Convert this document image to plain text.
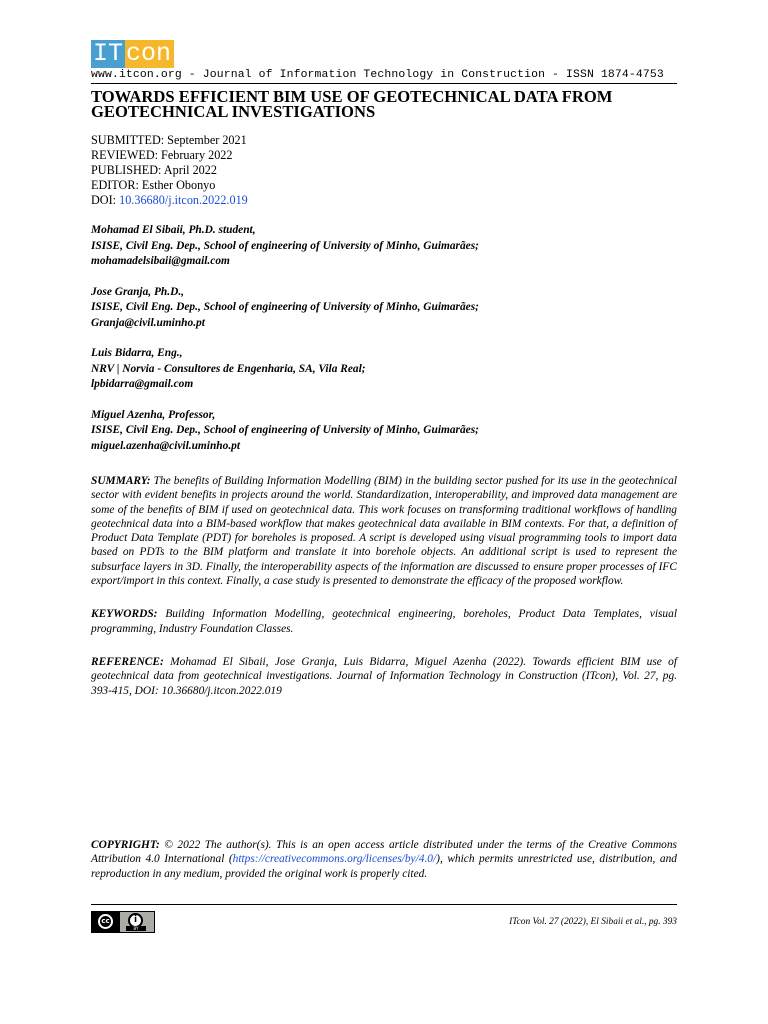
IT con
www.itcon.org - Journal of Information Technology in Construction - ISSN 1874-4753
TOWARDS EFFICIENT BIM USE OF GEOTECHNICAL DATA FROM GEOTECHNICAL INVESTIGATIONS
SUBMITTED: September 2021
REVIEWED: February 2022
PUBLISHED: April 2022
EDITOR: Esther Obonyo
DOI: 10.36680/j.itcon.2022.019
Mohamad El Sibaii, Ph.D. student,
ISISE, Civil Eng. Dep., School of engineering of University of Minho, Guimarães;
mohamadelsibaii@gmail.com
Jose Granja, Ph.D.,
ISISE, Civil Eng. Dep., School of engineering of University of Minho, Guimarães;
Granja@civil.uminho.pt
Luis Bidarra, Eng.,
NRV | Norvia - Consultores de Engenharia, SA, Vila Real;
lpbidarra@gmail.com
Miguel Azenha, Professor,
ISISE, Civil Eng. Dep., School of engineering of University of Minho, Guimarães;
miguel.azenha@civil.uminho.pt
SUMMARY: The benefits of Building Information Modelling (BIM) in the building sector pushed for its use in the geotechnical sector with evident benefits in projects around the world. Standardization, interoperability, and improved data management are some of the benefits of BIM if used on geotechnical data. This work focuses on transforming traditional workflows of handling geotechnical data into a BIM-based workflow that makes geotechnical data available in BIM contexts. For that, a definition of Product Data Template (PDT) for boreholes is proposed. A script is developed using visual programming tools to import data based on PDTs to the BIM platform and translate it into borehole objects. An additional script is used to represent the subsurface layers in 3D. Finally, the interoperability aspects of the information are discussed to ensure proper processes of IFC export/import in this context. Finally, a case study is presented to demonstrate the efficacy of the proposed workflow.
KEYWORDS: Building Information Modelling, geotechnical engineering, boreholes, Product Data Templates, visual programming, Industry Foundation Classes.
REFERENCE: Mohamad El Sibaii, Jose Granja, Luis Bidarra, Miguel Azenha (2022). Towards efficient BIM use of geotechnical data from geotechnical investigations. Journal of Information Technology in Construction (ITcon), Vol. 27, pg. 393-415, DOI: 10.36680/j.itcon.2022.019
COPYRIGHT: © 2022 The author(s). This is an open access article distributed under the terms of the Creative Commons Attribution 4.0 International (https://creativecommons.org/licenses/by/4.0/), which permits unrestricted use, distribution, and reproduction in any medium, provided the original work is properly cited.
cc	i
BY
ITcon Vol. 27 (2022), El Sibaii et al., pg. 393
